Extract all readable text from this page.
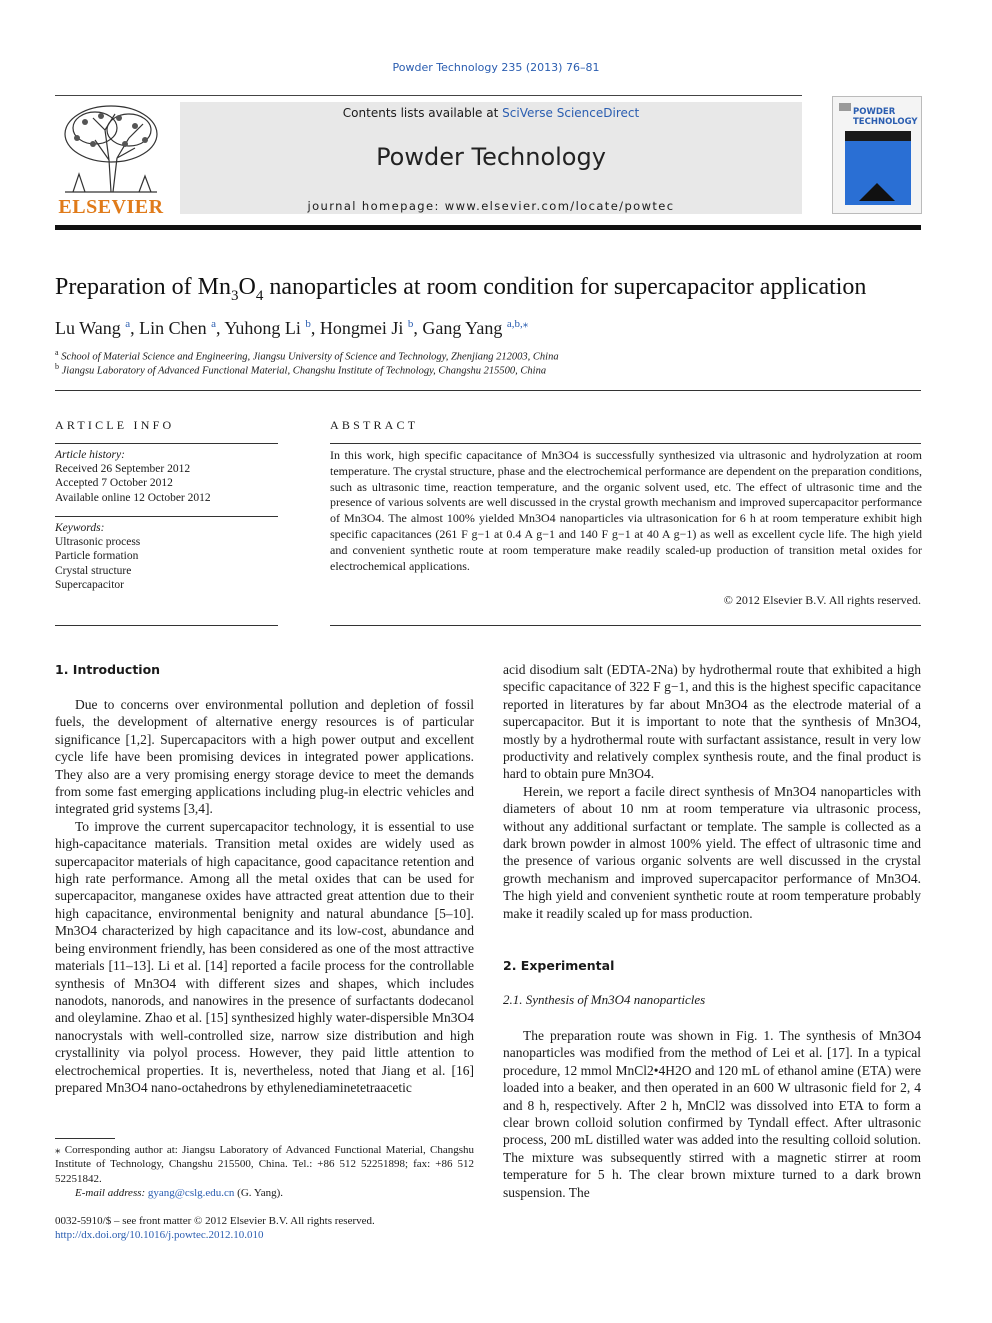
Powder Technology 235 (2013) 76–81
ELSEVIER
Contents lists available at SciVerse ScienceDirect
Powder Technology
journal homepage: www.elsevier.com/locate/powtec
POWDER TECHNOLOGY
Preparation of $Mn_3O_4$ nanoparticles at room condition for supercapacitor application
Lu Wang $^a$, Lin Chen $^a$, Yuhong Li $^b$, Hongmei Ji $^b$, Gang Yang $^{a,b,⁎}$
$^a$ School of Material Science and Engineering, Jiangsu University of Science and Technology, Zhenjiang 212003, China
$^b$ Jiangsu Laboratory of Advanced Functional Material, Changshu Institute of Technology, Changshu 215500, China
ARTICLE INFO
Article history:
Received 26 September 2012
Accepted 7 October 2012
Available online 12 October 2012
Keywords:
Ultrasonic process
Particle formation
Crystal structure
Supercapacitor
ABSTRACT
In this work, high specific capacitance of Mn3O4 is successfully synthesized via ultrasonic and hydrolyzation at room temperature. The crystal structure, phase and the electrochemical performance are dependent on the preparation conditions, such as ultrasonic time, reaction temperature, and the organic solvent used, etc. The effect of ultrasonic time and the presence of various solvents are well discussed in the crystal growth mechanism and improved supercapacitor performance of Mn3O4. The almost 100% yielded Mn3O4 nanoparticles via ultrasonication for 6 h at room temperature exhibit high specific capacitances (261 F g−1 at 0.4 A g−1 and 140 F g−1 at 40 A g−1) as well as excellent cycle life. The high yield and convenient synthetic route at room temperature make readily scaled-up production of transition metal oxides for electrochemical applications.
© 2012 Elsevier B.V. All rights reserved.
1. Introduction

Due to concerns over environmental pollution and depletion of fossil fuels, the development of alternative energy resources is of particular significance [1,2]. Supercapacitors with a high power output and excellent cycle life have been promising devices in integrated power applications. They also are a very promising energy storage device to meet the demands from some fast emerging applications including plug-in electric vehicles and integrated grid systems [3,4].

To improve the current supercapacitor technology, it is essential to use high-capacitance materials. Transition metal oxides are widely used as supercapacitor materials of high capacitance, good capacitance retention and high rate performance. Among all the metal oxides that can be used for supercapacitor, manganese oxides have attracted great attention due to their high capacitance, environmental benignity and natural abundance [5–10]. Mn3O4 characterized by high capacitance and its low-cost, abundance and being environment friendly, has been considered as one of the most attractive materials [11–13]. Li et al. [14] reported a facile process for the controllable synthesis of Mn3O4 with different sizes and shapes, which includes nanodots, nanorods, and nanowires in the presence of surfactants dodecanol and oleylamine. Zhao et al. [15] synthesized highly water-dispersible Mn3O4 nanocrystals with well-controlled size, narrow size distribution and high crystallinity via polyol process. However, they paid little attention to electrochemical properties. It is, nevertheless, noted that Jiang et al. [16] prepared Mn3O4 nano-octahedrons by ethylenediaminetetraacetic

⁎ Corresponding author at: Jiangsu Laboratory of Advanced Functional Material, Changshu Institute of Technology, Changshu 215500, China. Tel.: +86 512 52251898; fax: +86 512 52251842.
E-mail address: gyang@cslg.edu.cn (G. Yang).
0032-5910/$ – see front matter © 2012 Elsevier B.V. All rights reserved.
http://dx.doi.org/10.1016/j.powtec.2012.10.010

acid disodium salt (EDTA-2Na) by hydrothermal route that exhibited a high specific capacitance of 322 F g−1, and this is the highest specific capacitance reported in literatures by far about Mn3O4 as the electrode material of a supercapacitor. But it is important to note that the synthesis of Mn3O4, mostly by a hydrothermal route with surfactant assistance, result in very low productivity and relatively complex synthesis route, and the final product is hard to obtain pure Mn3O4.

Herein, we report a facile direct synthesis of Mn3O4 nanoparticles with diameters of about 10 nm at room temperature via ultrasonic process, without any additional surfactant or template. The sample is collected as a dark brown powder in almost 100% yield. The effect of ultrasonic time and the presence of various organic solvents are well discussed in the crystal growth mechanism and improved supercapacitor performance of Mn3O4. The high yield and convenient synthetic route at room temperature probably make it readily scaled up for mass production.

2. Experimental
2.1. Synthesis of Mn3O4 nanoparticles

The preparation route was shown in Fig. 1. The synthesis of Mn3O4 nanoparticles was modified from the method of Lei et al. [17]. In a typical procedure, 12 mmol MnCl2•4H2O and 120 mL of ethanol amine (ETA) were loaded into a beaker, and then operated in an 600 W ultrasonic field for 2, 4 and 8 h, respectively. After 2 h, MnCl2 was dissolved into ETA to form a clear brown colloid solution confirmed by Tyndall effect. After ultrasonic process, 200 mL distilled water was added into the resulting colloid solution. The mixture was subsequently stirred with a magnetic stirrer at room temperature for 5 h. The clear brown mixture turned to a dark brown suspension. The
